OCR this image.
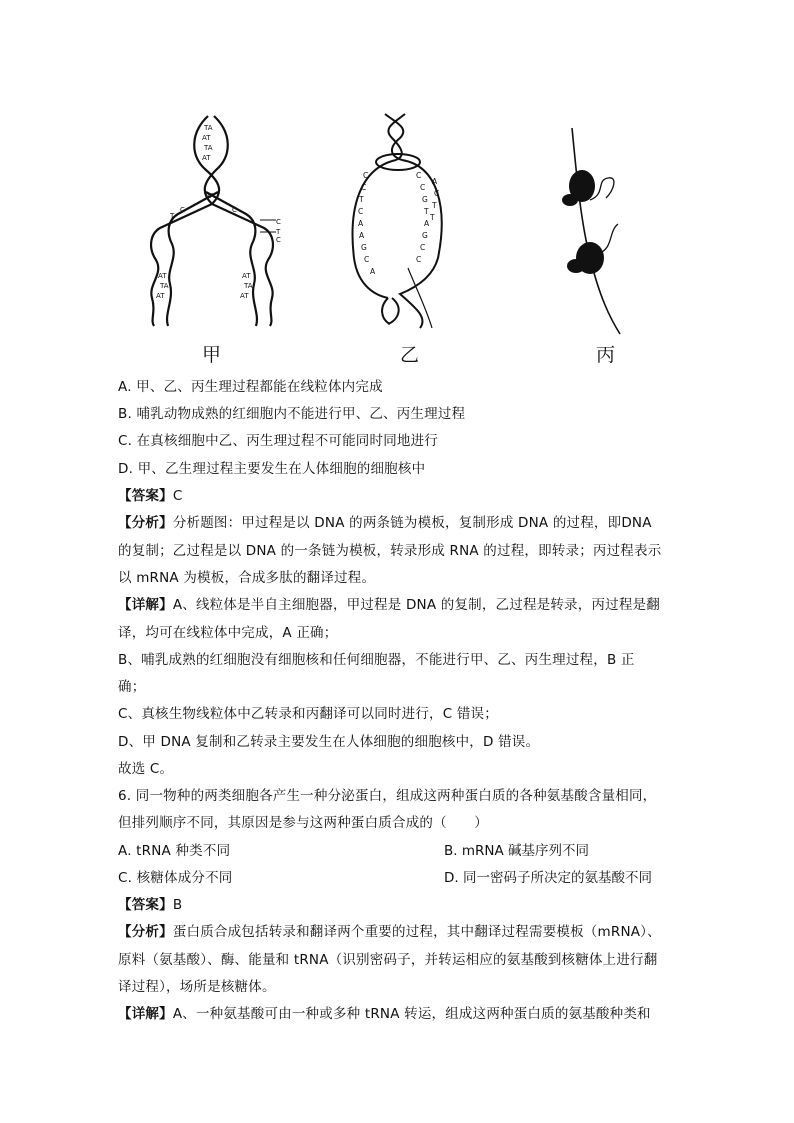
TA
AT
TA
AT
TA
AT
TA
AT
AT
TA
AT
C
T
C
C
T
C
C
C
T
C
A
A
G
C
A
C
C
G
T
A
G
C
C
A
C
T
T
甲	乙	丙
A. 甲、乙、丙生理过程都能在线粒体内完成
B. 哺乳动物成熟的红细胞内不能进行甲、乙、丙生理过程
C. 在真核细胞中乙、丙生理过程不可能同时同地进行
D. 甲、乙生理过程主要发生在人体细胞的细胞核中
【答案】C
【分析】分析题图：甲过程是以 DNA 的两条链为模板，复制形成 DNA 的过程，即DNA
的复制；乙过程是以 DNA 的一条链为模板，转录形成 RNA 的过程，即转录；丙过程表示
以 mRNA 为模板，合成多肽的翻译过程。
【详解】A、线粒体是半自主细胞器，甲过程是 DNA 的复制，乙过程是转录，丙过程是翻
译，均可在线粒体中完成，A 正确；
B、哺乳成熟的红细胞没有细胞核和任何细胞器，不能进行甲、乙、丙生理过程，B 正
确；
C、真核生物线粒体中乙转录和丙翻译可以同时进行，C 错误；
D、甲 DNA 复制和乙转录主要发生在人体细胞的细胞核中，D 错误。
故选 C。
6. 同一物种的两类细胞各产生一种分泌蛋白，组成这两种蛋白质的各种氨基酸含量相同，
但排列顺序不同，其原因是参与这两种蛋白质合成的（　　）
A. tRNA 种类不同	B. mRNA 碱基序列不同
C. 核糖体成分不同	D. 同一密码子所决定的氨基酸不同
【答案】B
【分析】蛋白质合成包括转录和翻译两个重要的过程，其中翻译过程需要模板（mRNA）、
原料（氨基酸）、酶、能量和 tRNA（识别密码子，并转运相应的氨基酸到核糖体上进行翻
译过程），场所是核糖体。
【详解】A、一种氨基酸可由一种或多种 tRNA 转运，组成这两种蛋白质的氨基酸种类和
